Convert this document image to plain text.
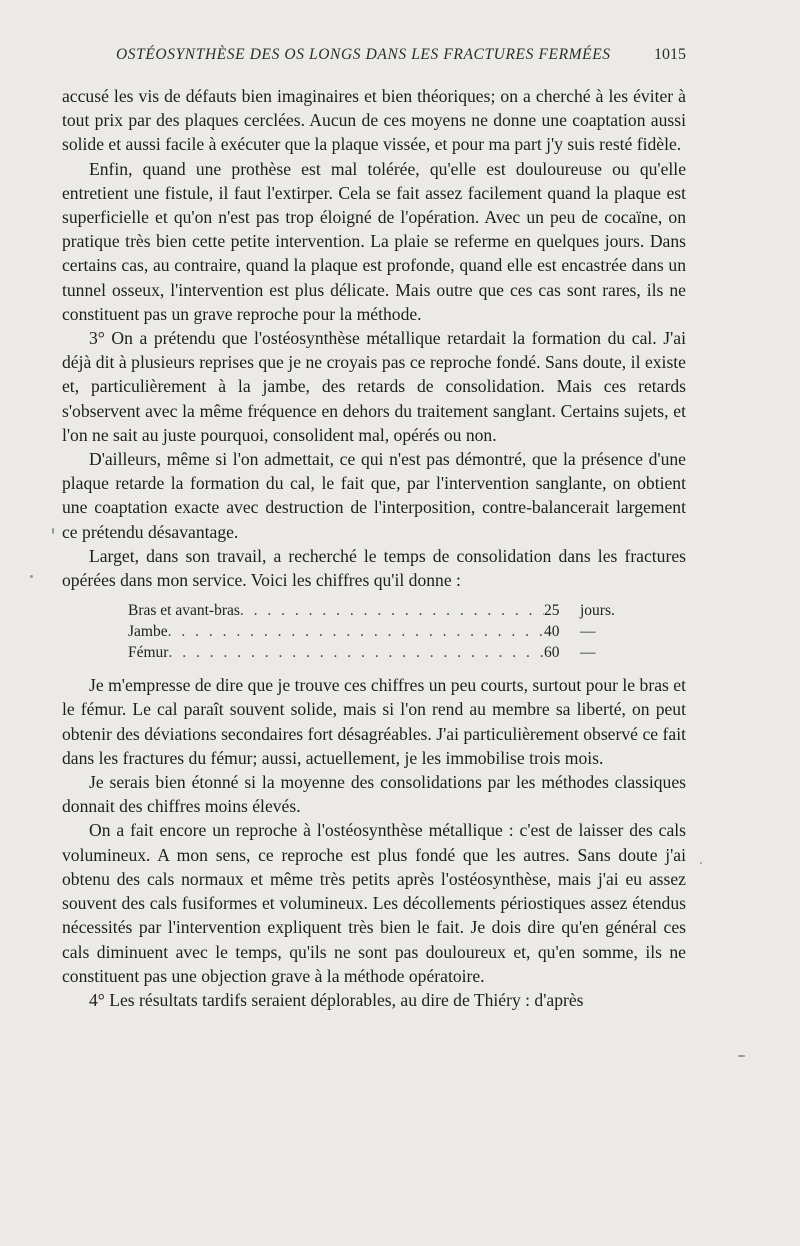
OSTÉOSYNTHÈSE DES OS LONGS DANS LES FRACTURES FERMÉES	1015

accusé les vis de défauts bien imaginaires et bien théoriques; on a cherché à les éviter à tout prix par des plaques cerclées. Aucun de ces moyens ne donne une coaptation aussi solide et aussi facile à exécuter que la plaque vissée, et pour ma part j'y suis resté fidèle.

Enfin, quand une prothèse est mal tolérée, qu'elle est douloureuse ou qu'elle entretient une fistule, il faut l'extirper. Cela se fait assez facilement quand la plaque est superficielle et qu'on n'est pas trop éloigné de l'opération. Avec un peu de cocaïne, on pratique très bien cette petite intervention. La plaie se referme en quelques jours. Dans certains cas, au contraire, quand la plaque est profonde, quand elle est encastrée dans un tunnel osseux, l'intervention est plus délicate. Mais outre que ces cas sont rares, ils ne constituent pas un grave reproche pour la méthode.

3° On a prétendu que l'ostéosynthèse métallique retardait la formation du cal. J'ai déjà dit à plusieurs reprises que je ne croyais pas ce reproche fondé. Sans doute, il existe et, particulièrement à la jambe, des retards de consolidation. Mais ces retards s'observent avec la même fréquence en dehors du traitement sanglant. Certains sujets, et l'on ne sait au juste pourquoi, consolident mal, opérés ou non.

D'ailleurs, même si l'on admettait, ce qui n'est pas démontré, que la présence d'une plaque retarde la formation du cal, le fait que, par l'intervention sanglante, on obtient une coaptation exacte avec destruction de l'interposition, contre-balancerait largement ce prétendu désavantage.

Larget, dans son travail, a recherché le temps de consolidation dans les fractures opérées dans mon service. Voici les chiffres qu'il donne :

Bras et avant-bras . . .	25	jours.
Jambe . . .	40	—
Fémur . . .	60	—

Je m'empresse de dire que je trouve ces chiffres un peu courts, surtout pour le bras et le fémur. Le cal paraît souvent solide, mais si l'on rend au membre sa liberté, on peut obtenir des déviations secondaires fort désagréables. J'ai particulièrement observé ce fait dans les fractures du fémur; aussi, actuellement, je les immobilise trois mois.

Je serais bien étonné si la moyenne des consolidations par les méthodes classiques donnait des chiffres moins élevés.

On a fait encore un reproche à l'ostéosynthèse métallique : c'est de laisser des cals volumineux. A mon sens, ce reproche est plus fondé que les autres. Sans doute j'ai obtenu des cals normaux et même très petits après l'ostéosynthèse, mais j'ai eu assez souvent des cals fusiformes et volumineux. Les décollements périostiques assez étendus nécessités par l'intervention expliquent très bien le fait. Je dois dire qu'en général ces cals diminuent avec le temps, qu'ils ne sont pas douloureux et, qu'en somme, ils ne constituent pas une objection grave à la méthode opératoire.

4° Les résultats tardifs seraient déplorables, au dire de Thiéry : d'après
